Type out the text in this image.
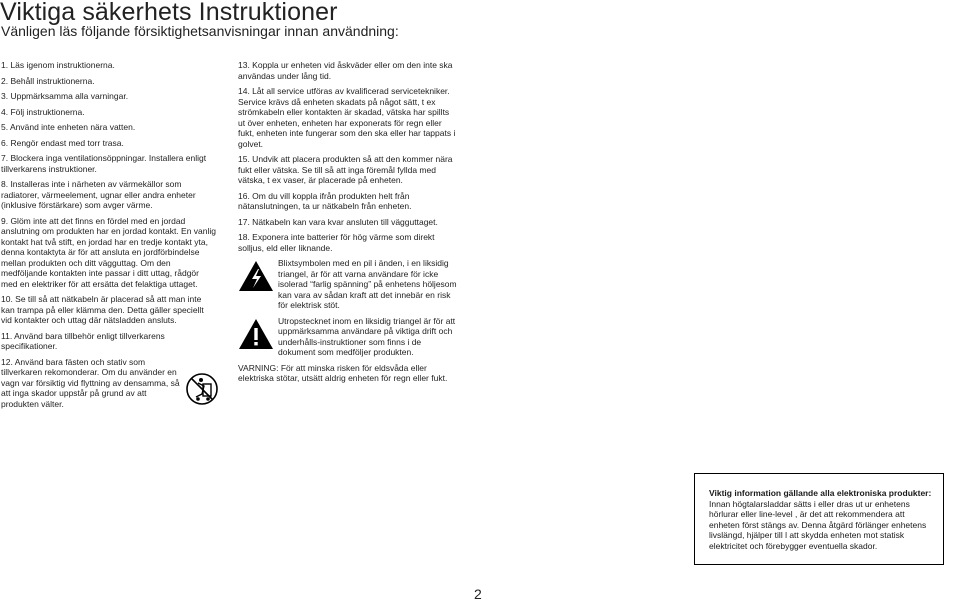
Viktiga säkerhets Instruktioner
Vänligen läs följande försiktighetsanvisningar innan användning:
1. Läs igenom instruktionerna.
2. Behåll instruktionerna.
3. Uppmärksamma alla varningar.
4. Följ instruktionerna.
5. Använd inte enheten nära vatten.
6. Rengör endast med torr trasa.
7. Blockera inga ventilationsöppningar. Installera enligt tillverkarens instruktioner.
8. Installeras inte i närheten av värmekällor som radiatorer, värmeelement, ugnar eller andra enheter (inklusive förstärkare) som avger värme.
9. Glöm inte att det finns en fördel med en jordad anslutning om produkten har en jordad kontakt. En vanlig kontakt hat två stift, en jordad har en tredje kontakt yta, denna kontaktyta är för att ansluta en jordförbindelse mellan produkten och ditt vägguttag. Om den medföljande kontakten inte passar i ditt uttag, rådgör med en elektriker för att ersätta det felaktiga uttaget.
10. Se till så att nätkabeln är placerad så att man inte kan trampa på eller klämma den. Detta gäller speciellt vid kontakter och uttag där nätsladden ansluts.
11. Använd bara tillbehör enligt tillverkarens specifikationer.
12. Använd bara fästen och stativ som tillverkaren rekomonderar. Om du använder en vagn var försiktig vid flyttning av densamma, så att inga skador uppstår på grund av att produkten välter.
13. Koppla ur enheten vid åskväder eller om den inte ska användas under lång tid.
14. Låt all service utföras av kvalificerad servicetekniker. Service krävs då enheten skadats på något sätt, t ex strömkabeln eller kontakten är skadad, vätska har spillts ut över enheten, enheten har exponerats för regn eller fukt, enheten inte fungerar som den ska eller har tappats i golvet.
15. Undvik att placera produkten så att den kommer nära fukt eller vätska. Se till så att inga föremål fyllda med vätska, t ex vaser, är placerade på enheten.
16. Om du vill koppla ifrån produkten helt från nätanslutningen, ta ur nätkabeln från enheten.
17. Nätkabeln kan vara kvar ansluten till vägguttaget.
18. Exponera inte batterier för hög värme som direkt solljus, eld eller liknande.
Blixtsymbolen med en pil i änden, i en liksidig triangel, är för att varna användare för icke isolerad “farlig spänning” på enhetens höljesom kan vara av sådan kraft att det innebär en risk för elektrisk stöt.
Utropstecknet inom en liksidig triangel är för att uppmärksamma användare på viktiga drift och underhålls-instruktioner som finns i de dokument som medföljer produkten.
VARNING: För att minska risken för eldsvåda eller elektriska stötar, utsätt aldrig enheten för regn eller fukt.
Viktig information gällande alla elektroniska produkter:
Innan högtalarsladdar sätts i eller dras ut ur enhetens hörlurar eller line-level , är det att rekommendera att enheten först stängs av. Denna åtgärd förlänger enhetens livslängd, hjälper till l att skydda enheten mot statisk elektricitet och förebygger eventuella skador.
2
